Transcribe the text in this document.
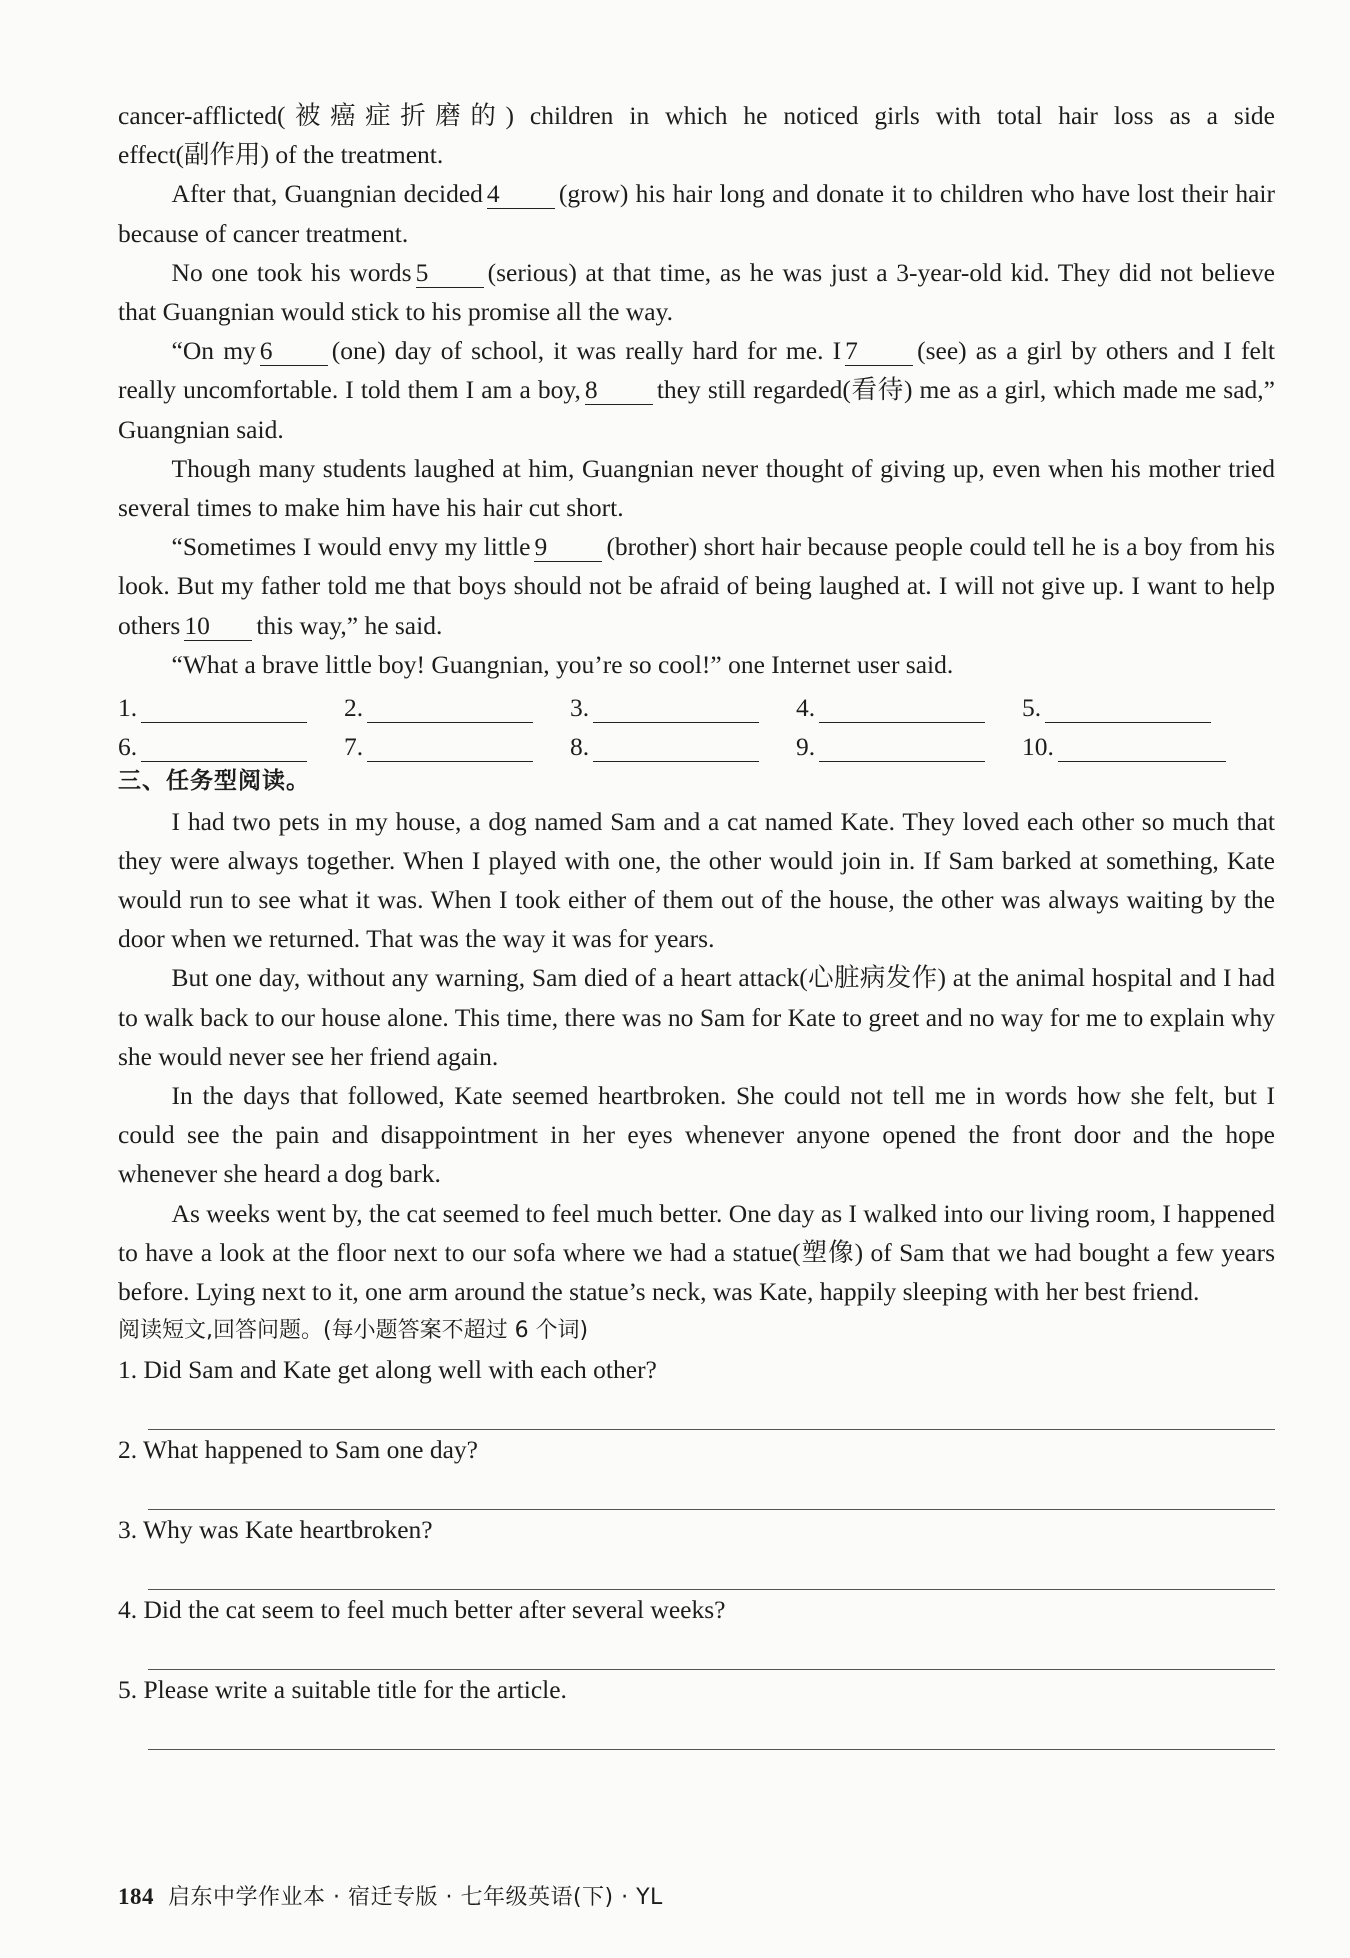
cancer-afflicted(被癌症折磨的) children in which he noticed girls with total hair loss as a side

effect(副作用) of the treatment.

After that, Guangnian decided 4 (grow) his hair long and donate it to children who have lost their hair because of cancer treatment.

No one took his words 5 (serious) at that time, as he was just a 3-year-old kid. They did not believe that Guangnian would stick to his promise all the way.

“On my 6 (one) day of school, it was really hard for me. I 7 (see) as a girl by others and I felt really uncomfortable. I told them I am a boy, 8 they still regarded(看待) me as a girl, which made me sad,” Guangnian said.

Though many students laughed at him, Guangnian never thought of giving up, even when his mother tried several times to make him have his hair cut short.

“Sometimes I would envy my little 9 (brother) short hair because people could tell he is a boy from his look. But my father told me that boys should not be afraid of being laughed at. I will not give up. I want to help others 10 this way,” he said.

“What a brave little boy! Guangnian, you’re so cool!” one Internet user said.

1.	2.	3.	4.	5.
6.	7.	8.	9.	10.
三、任务型阅读。

I had two pets in my house, a dog named Sam and a cat named Kate. They loved each other so much that they were always together. When I played with one, the other would join in. If Sam barked at something, Kate would run to see what it was. When I took either of them out of the house, the other was always waiting by the door when we returned. That was the way it was for years.

But one day, without any warning, Sam died of a heart attack(心脏病发作) at the animal hospital and I had to walk back to our house alone. This time, there was no Sam for Kate to greet and no way for me to explain why she would never see her friend again.

In the days that followed, Kate seemed heartbroken. She could not tell me in words how she felt, but I could see the pain and disappointment in her eyes whenever anyone opened the front door and the hope whenever she heard a dog bark.

As weeks went by, the cat seemed to feel much better. One day as I walked into our living room, I happened to have a look at the floor next to our sofa where we had a statue(塑像) of Sam that we had bought a few years before. Lying next to it, one arm around the statue’s neck, was Kate, happily sleeping with her best friend.

阅读短文,回答问题。(每小题答案不超过 6 个词)
1. Did Sam and Kate get along well with each other?
2. What happened to Sam one day?
3. Why was Kate heartbroken?
4. Did the cat seem to feel much better after several weeks?
5. Please write a suitable title for the article.
184 启东中学作业本 · 宿迁专版 · 七年级英语(下) · YL
